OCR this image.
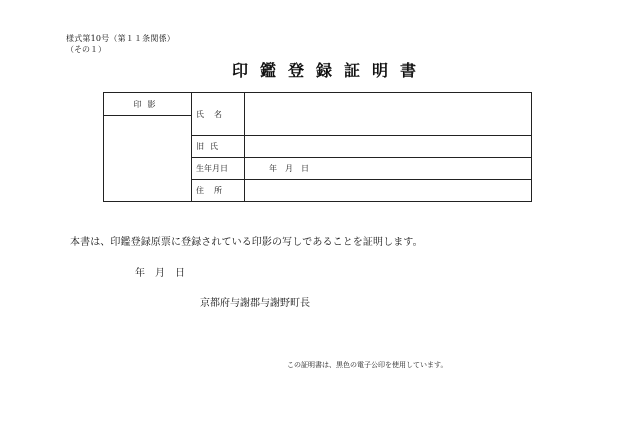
様式第10号（第１１条関係）
（その１）
印鑑登録証明書
印影	氏名	

	旧氏	

	生年月日	年　月　日

	住所	

本書は、印鑑登録原票に登録されている印影の写しであることを証明します。
年　月　日
京都府与謝郡与謝野町長
この証明書は、黒色の電子公印を使用しています。
